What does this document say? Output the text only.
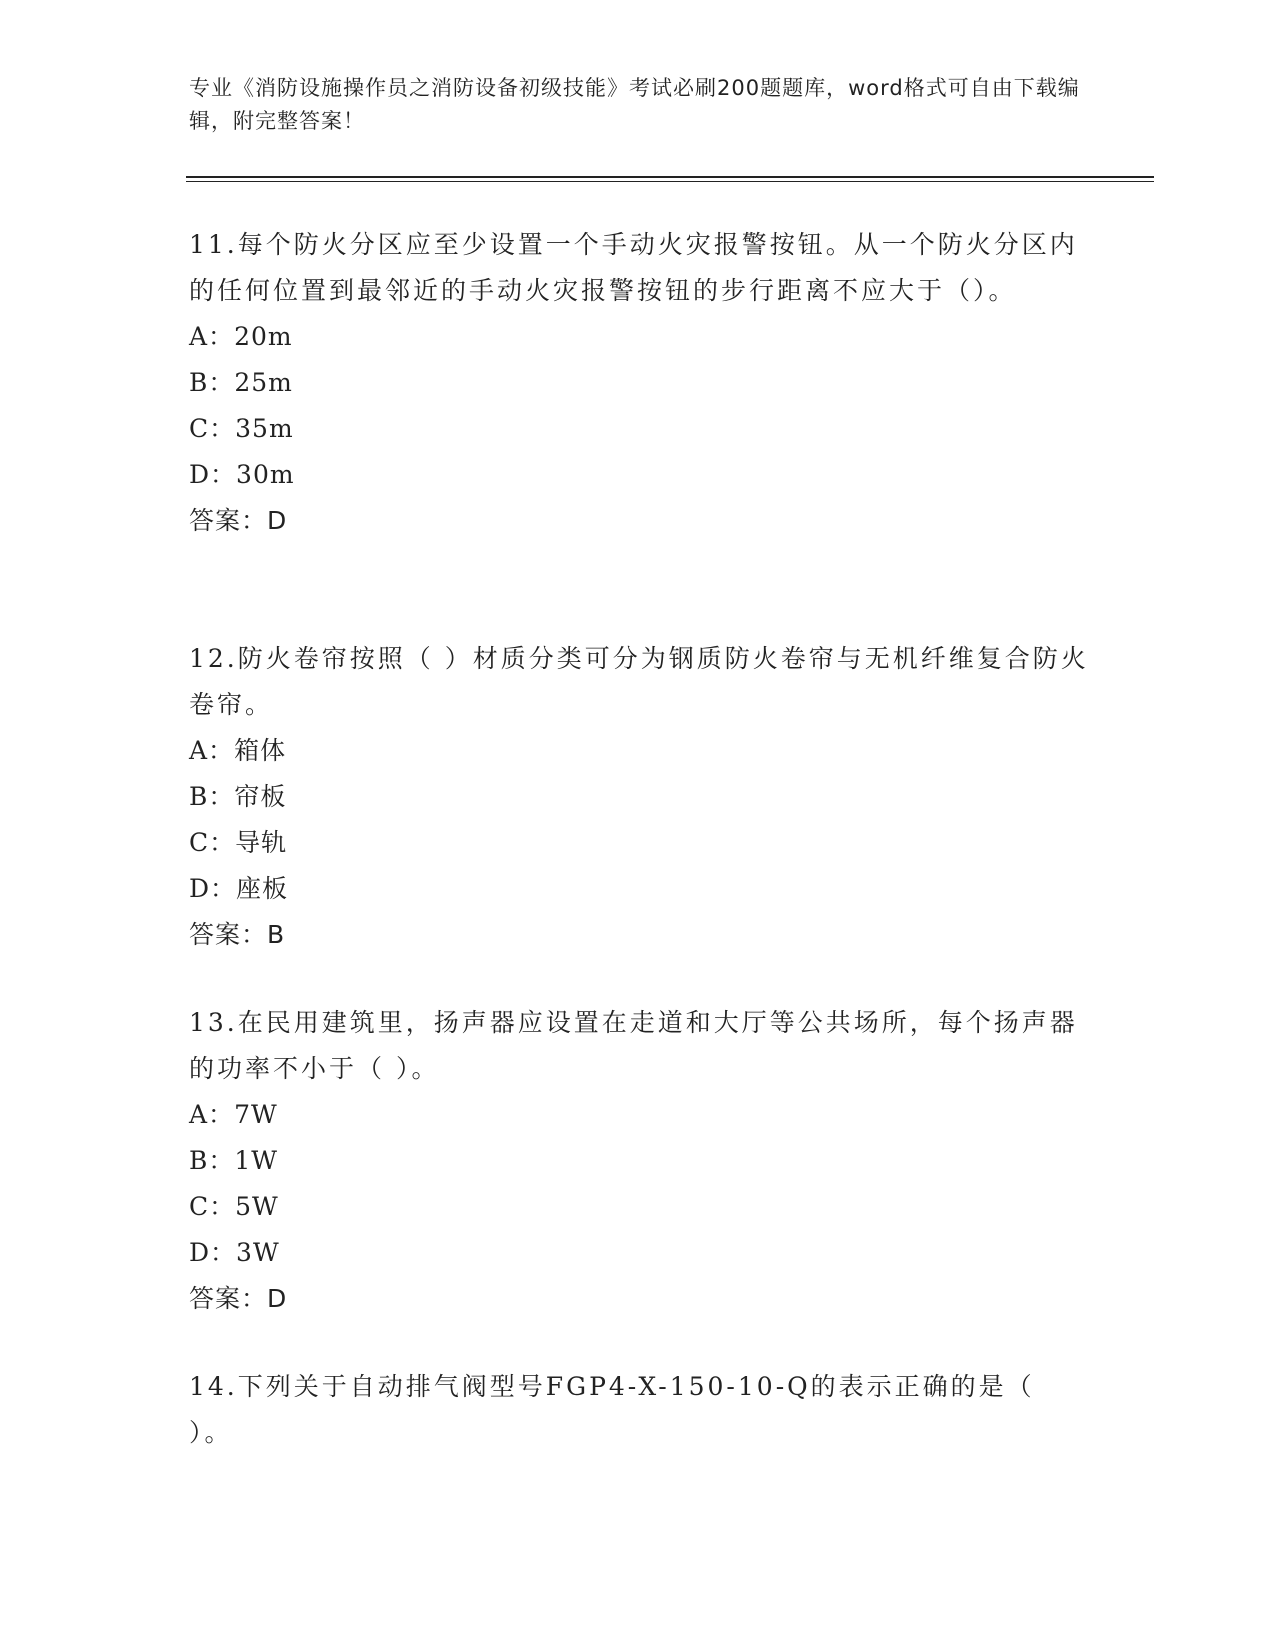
专业《消防设施操作员之消防设备初级技能》考试必刷200题题库，word格式可自由下载编辑，附完整答案！

11.每个防火分区应至少设置一个手动火灾报警按钮。从一个防火分区内的任何位置到最邻近的手动火灾报警按钮的步行距离不应大于（）。

A：20m

B：25m

C：35m

D：30m

答案：D

12.防火卷帘按照（ ）材质分类可分为钢质防火卷帘与无机纤维复合防火卷帘。

A：箱体

B：帘板

C：导轨

D：座板

答案：B

13.在民用建筑里，扬声器应设置在走道和大厅等公共场所，每个扬声器的功率不小于（ ）。

A：7W

B：1W

C：5W

D：3W

答案：D

14.下列关于自动排气阀型号FGP4-X-150-10-Q的表示正确的是（ ）。
